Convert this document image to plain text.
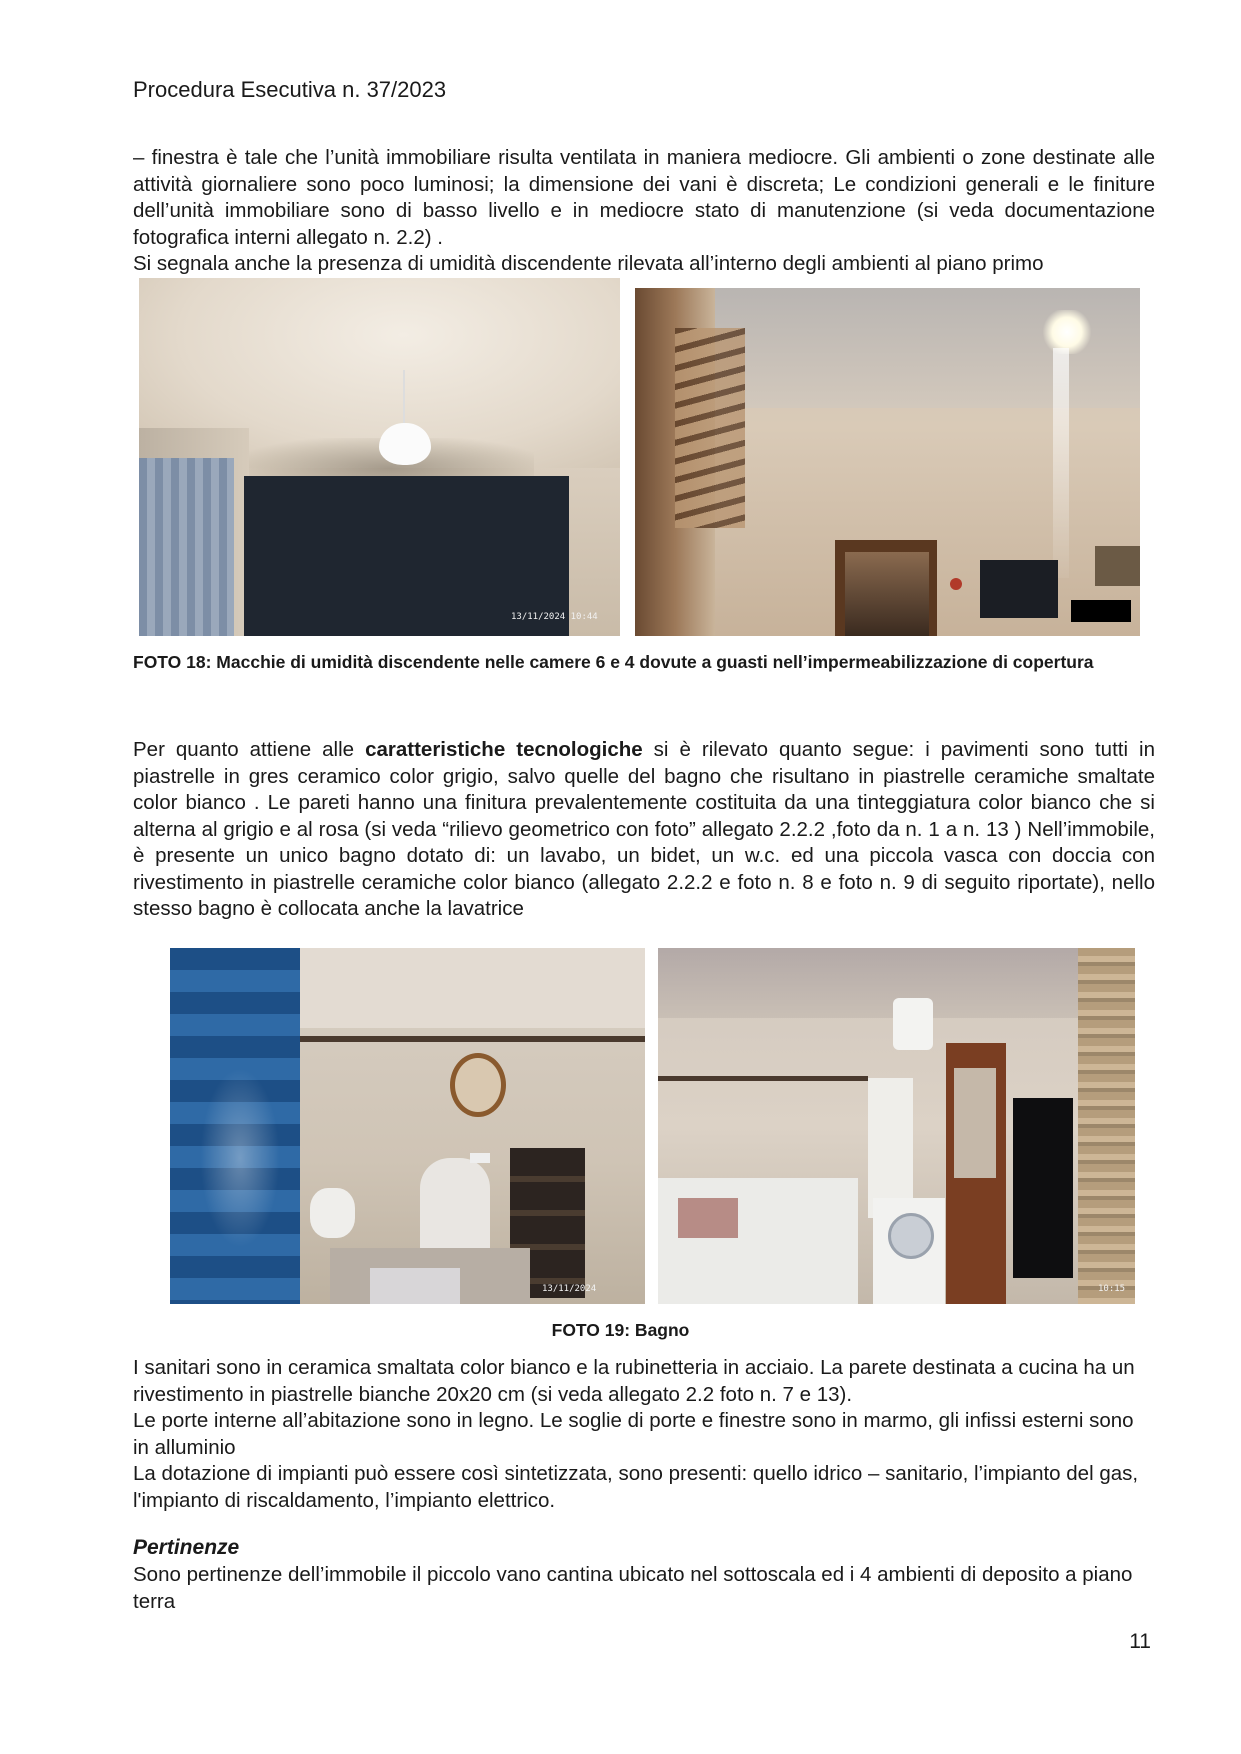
Procedura Esecutiva n. 37/2023

– finestra è tale che l’unità immobiliare risulta ventilata in maniera mediocre. Gli ambienti o zone destinate alle attività giornaliere sono poco luminosi; la dimensione dei vani è discreta; Le condizioni generali e le finiture dell’unità immobiliare sono di basso livello e in mediocre stato di manutenzione (si veda documentazione fotografica interni allegato n. 2.2) .

Si segnala anche la presenza di umidità discendente rilevata all’interno degli ambienti al piano primo

13/11/2024 10:44
FOTO 18: Macchie di umidità discendente nelle camere 6 e 4 dovute a guasti nell’impermeabilizzazione di copertura

Per quanto attiene alle caratteristiche tecnologiche si è rilevato quanto segue: i pavimenti sono tutti in piastrelle in gres ceramico color grigio, salvo quelle del bagno che risultano in piastrelle ceramiche smaltate color bianco . Le pareti hanno una finitura prevalentemente costituita da una tinteggiatura color bianco che si alterna al grigio e al rosa (si veda “rilievo geometrico con foto” allegato 2.2.2 ,foto da n. 1 a n. 13 ) Nell’immobile, è presente un unico bagno dotato di: un lavabo, un bidet, un w.c. ed una piccola vasca con doccia con rivestimento in piastrelle ceramiche color bianco (allegato 2.2.2 e foto n. 8 e foto n. 9 di seguito riportate), nello stesso bagno è collocata anche la lavatrice

13/11/2024	10:15
FOTO 19: Bagno

I sanitari sono in ceramica smaltata color bianco e la rubinetteria in acciaio. La parete destinata a cucina ha un rivestimento in piastrelle bianche 20x20 cm (si veda allegato 2.2 foto n. 7 e 13).

Le porte interne all’abitazione sono in legno. Le soglie di porte e finestre sono in marmo, gli infissi esterni sono in alluminio

La dotazione di impianti può essere così sintetizzata, sono presenti: quello idrico – sanitario, l’impianto del gas, l'impianto di riscaldamento, l’impianto elettrico.

Pertinenze
Sono pertinenze dell’immobile il piccolo vano cantina ubicato nel sottoscala ed i 4 ambienti di deposito a piano terra
11
